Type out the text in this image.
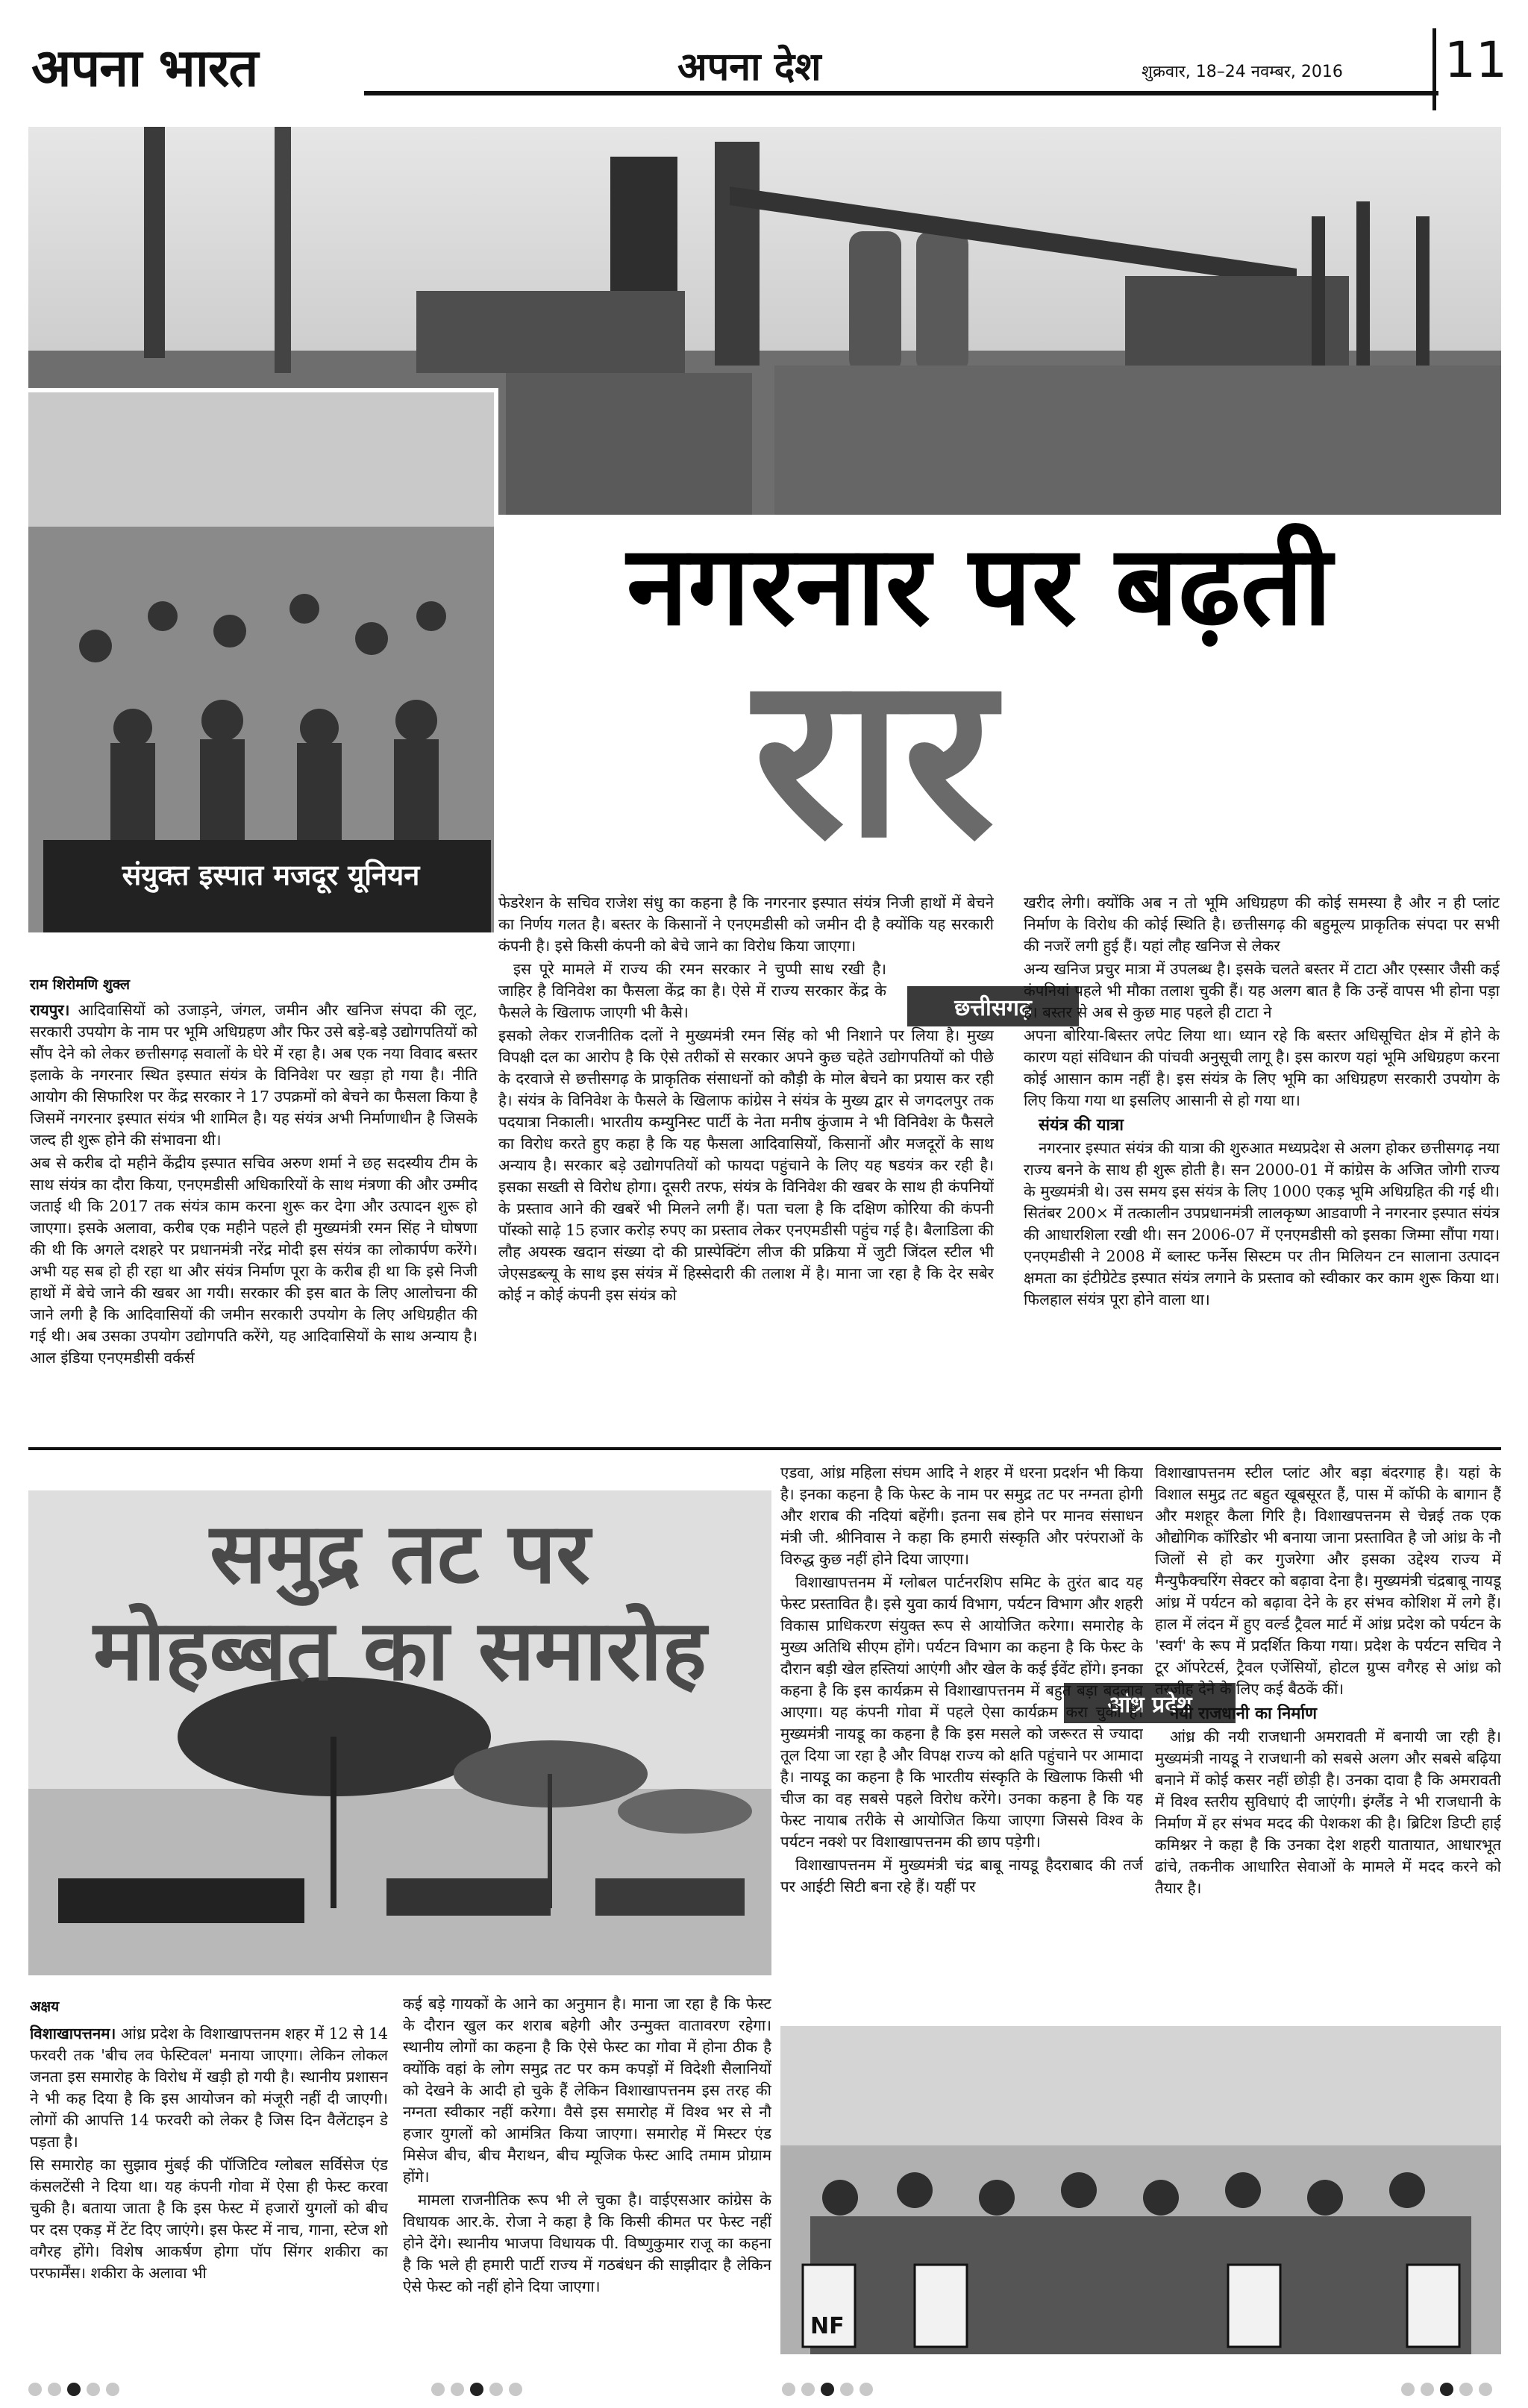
अपना भारत	अपना देश	शुक्रवार, 18–24 नवम्बर, 2016 11
संयुक्त इस्पात मजदूर यूनियन
नगरनार पर बढ़ती
रार
राम शिरोमणि शुक्ल
छत्तीसगढ़

रायपुर। आदिवासियों को उजाड़ने, जंगल, जमीन और खनिज संपदा की लूट, सरकारी उपयोग के नाम पर भूमि अधिग्रहण और फिर उसे बड़े-बड़े उद्योगपतियों को सौंप देने को लेकर छत्तीसगढ़ सवालों के घेरे में रहा है। अब एक नया विवाद बस्तर इलाके के नगरनार स्थित इस्पात संयंत्र के विनिवेश पर खड़ा हो गया है। नीति आयोग की सिफारिश पर केंद्र सरकार ने 17 उपक्रमों को बेचने का फैसला किया है जिसमें नगरनार इस्पात संयंत्र भी शामिल है। यह संयंत्र अभी निर्माणाधीन है जिसके जल्द ही शुरू होने की संभावना थी।

अब से करीब दो महीने केंद्रीय इस्पात सचिव अरुण शर्मा ने छह सदस्यीय टीम के साथ संयंत्र का दौरा किया, एनएमडीसी अधिकारियों के साथ मंत्रणा की और उम्मीद जताई थी कि 2017 तक संयंत्र काम करना शुरू कर देगा और उत्पादन शुरू हो जाएगा। इसके अलावा, करीब एक महीने पहले ही मुख्यमंत्री रमन सिंह ने घोषणा की थी कि अगले दशहरे पर प्रधानमंत्री नरेंद्र मोदी इस संयंत्र का लोकार्पण करेंगे। अभी यह सब हो ही रहा था और संयंत्र निर्माण पूरा के करीब ही था कि इसे निजी हाथों में बेचे जाने की खबर आ गयी। सरकार की इस बात के लिए आलोचना की जाने लगी है कि आदिवासियों की जमीन सरकारी उपयोग के लिए अधिग्रहीत की गई थी। अब उसका उपयोग उद्योगपति करेंगे, यह आदिवासियों के साथ अन्याय है। आल इंडिया एनएमडीसी वर्कर्स

फेडरेशन के सचिव राजेश संधु का कहना है कि नगरनार इस्पात संयंत्र निजी हाथों में बेचने का निर्णय गलत है। बस्तर के किसानों ने एनएमडीसी को जमीन दी है क्योंकि यह सरकारी कंपनी है। इसे किसी कंपनी को बेचे जाने का विरोध किया जाएगा।

इस पूरे मामले में राज्य की रमन सरकार ने चुप्पी साध रखी है। जाहिर है विनिवेश का फैसला केंद्र का है। ऐसे में राज्य सरकार केंद्र के फैसले के खिलाफ जाएगी भी कैसे।

इसको लेकर राजनीतिक दलों ने मुख्यमंत्री रमन सिंह को भी निशाने पर लिया है। मुख्य विपक्षी दल का आरोप है कि ऐसे तरीकों से सरकार अपने कुछ चहेते उद्योगपतियों को पीछे के दरवाजे से छत्तीसगढ़ के प्राकृतिक संसाधनों को कौड़ी के मोल बेचने का प्रयास कर रही है। संयंत्र के विनिवेश के फैसले के खिलाफ कांग्रेस ने संयंत्र के मुख्य द्वार से जगदलपुर तक पदयात्रा निकाली। भारतीय कम्युनिस्ट पार्टी के नेता मनीष कुंजाम ने भी विनिवेश के फैसले का विरोध करते हुए कहा है कि यह फैसला आदिवासियों, किसानों और मजदूरों के साथ अन्याय है। सरकार बड़े उद्योगपतियों को फायदा पहुंचाने के लिए यह षडयंत्र कर रही है। इसका सख्ती से विरोध होगा। दूसरी तरफ, संयंत्र के विनिवेश की खबर के साथ ही कंपनियों के प्रस्ताव आने की खबरें भी मिलने लगी हैं। पता चला है कि दक्षिण कोरिया की कंपनी पॉस्को साढ़े 15 हजार करोड़ रुपए का प्रस्ताव लेकर एनएमडीसी पहुंच गई है। बैलाडिला की लौह अयस्क खदान संख्या दो की प्रास्पेक्टिंग लीज की प्रक्रिया में जुटी जिंदल स्टील भी जेएसडब्ल्यू के साथ इस संयंत्र में हिस्सेदारी की तलाश में है। माना जा रहा है कि देर सबेर कोई न कोई कंपनी इस संयंत्र को

खरीद लेगी। क्योंकि अब न तो भूमि अधिग्रहण की कोई समस्या है और न ही प्लांट निर्माण के विरोध की कोई स्थिति है। छत्तीसगढ़ की बहुमूल्य प्राकृतिक संपदा पर सभी की नजरें लगी हुई हैं। यहां लौह खनिज से लेकर

अन्य खनिज प्रचुर मात्रा में उपलब्ध है। इसके चलते बस्तर में टाटा और एस्सार जैसी कई कंपनियां पहले भी मौका तलाश चुकी हैं। यह अलग बात है कि उन्हें वापस भी होना पड़ा है। बस्तर से अब से कुछ माह पहले ही टाटा ने

अपना बोरिया-बिस्तर लपेट लिया था। ध्यान रहे कि बस्तर अधिसूचित क्षेत्र में होने के कारण यहां संविधान की पांचवी अनुसूची लागू है। इस कारण यहां भूमि अधिग्रहण करना कोई आसान काम नहीं है। इस संयंत्र के लिए भूमि का अधिग्रहण सरकारी उपयोग के लिए किया गया था इसलिए आसानी से हो गया था।

संयंत्र की यात्रा

नगरनार इस्पात संयंत्र की यात्रा की शुरुआत मध्यप्रदेश से अलग होकर छत्तीसगढ़ नया राज्य बनने के साथ ही शुरू होती है। सन 2000-01 में कांग्रेस के अजित जोगी राज्य के मुख्यमंत्री थे। उस समय इस संयंत्र के लिए 1000 एकड़ भूमि अधिग्रहित की गई थी। सितंबर 200× में तत्कालीन उपप्रधानमंत्री लालकृष्ण आडवाणी ने नगरनार इस्पात संयंत्र की आधारशिला रखी थी। सन 2006-07 में एनएमडीसी को इसका जिम्मा सौंपा गया। एनएमडीसी ने 2008 में ब्लास्ट फर्नेस सिस्टम पर तीन मिलियन टन सालाना उत्पादन क्षमता का इंटीग्रेटेड इस्पात संयंत्र लगाने के प्रस्ताव को स्वीकार कर काम शुरू किया था। फिलहाल संयंत्र पूरा होने वाला था।

समुद्र तट पर
मोहब्बत का समारोह
अक्षय
आंध्र प्रदेश

विशाखापत्तनम। आंध्र प्रदेश के विशाखापत्तनम शहर में 12 से 14 फरवरी तक 'बीच लव फेस्टिवल' मनाया जाएगा। लेकिन लोकल जनता इस समारोह के विरोध में खड़ी हो गयी है। स्थानीय प्रशासन ने भी कह दिया है कि इस आयोजन को मंजूरी नहीं दी जाएगी। लोगों की आपत्ति 14 फरवरी को लेकर है जिस दिन वैलेंटाइन डे पड़ता है।

सि समारोह का सुझाव मुंबई की पॉजिटिव ग्लोबल सर्विसेज एंड कंसलटेंसी ने दिया था। यह कंपनी गोवा में ऐसा ही फेस्ट करवा चुकी है। बताया जाता है कि इस फेस्ट में हजारों युगलों को बीच पर दस एकड़ में टेंट दिए जाएंगे। इस फेस्ट में नाच, गाना, स्टेज शो वगैरह होंगे। विशेष आकर्षण होगा पॉप सिंगर शकीरा का परफार्मेंस। शकीरा के अलावा भी

कई बड़े गायकों के आने का अनुमान है। माना जा रहा है कि फेस्ट के दौरान खुल कर शराब बहेगी और उन्मुक्त वातावरण रहेगा। स्थानीय लोगों का कहना है कि ऐसे फेस्ट का गोवा में होना ठीक है क्योंकि वहां के लोग समुद्र तट पर कम कपड़ों में विदेशी सैलानियों को देखने के आदी हो चुके हैं लेकिन विशाखापत्तनम इस तरह की नग्नता स्वीकार नहीं करेगा। वैसे इस समारोह में विश्व भर से नौ हजार युगलों को आमंत्रित किया जाएगा। समारोह में मिस्टर एंड मिसेज बीच, बीच मैराथन, बीच म्यूजिक फेस्ट आदि तमाम प्रोग्राम होंगे।

मामला राजनीतिक रूप भी ले चुका है। वाईएसआर कांग्रेस के विधायक आर.के. रोजा ने कहा है कि किसी कीमत पर फेस्ट नहीं होने देंगे। स्थानीय भाजपा विधायक पी. विष्णुकुमार राजू का कहना है कि भले ही हमारी पार्टी राज्य में गठबंधन की साझीदार है लेकिन ऐसे फेस्ट को नहीं होने दिया जाएगा।

एडवा, आंध्र महिला संघम आदि ने शहर में धरना प्रदर्शन भी किया है। इनका कहना है कि फेस्ट के नाम पर समुद्र तट पर नग्नता होगी और शराब की नदियां बहेंगी। इतना सब होने पर मानव संसाधन मंत्री जी. श्रीनिवास ने कहा कि हमारी संस्कृति और परंपराओं के विरुद्ध कुछ नहीं होने दिया जाएगा।

विशाखापत्तनम में ग्लोबल पार्टनरशिप समिट के तुरंत बाद यह फेस्ट प्रस्तावित है। इसे युवा कार्य विभाग, पर्यटन विभाग और शहरी विकास प्राधिकरण संयुक्त रूप से आयोजित करेगा। समारोह के मुख्य अतिथि सीएम होंगे। पर्यटन विभाग का कहना है कि फेस्ट के दौरान बड़ी खेल हस्तियां आएंगी और खेल के कई ईवेंट होंगे। इनका कहना है कि इस कार्यक्रम से विशाखापत्तनम में बहुत बड़ा बदलाव आएगा। यह कंपनी गोवा में पहले ऐसा कार्यक्रम करा चुकी है। मुख्यमंत्री नायडू का कहना है कि इस मसले को जरूरत से ज्यादा तूल दिया जा रहा है और विपक्ष राज्य को क्षति पहुंचाने पर आमादा है। नायडू का कहना है कि भारतीय संस्कृति के खिलाफ किसी भी चीज का वह सबसे पहले विरोध करेंगे। उनका कहना है कि यह फेस्ट नायाब तरीके से आयोजित किया जाएगा जिससे विश्व के पर्यटन नक्शे पर विशाखापत्तनम की छाप पड़ेगी।

विशाखापत्तनम में मुख्यमंत्री चंद्र बाबू नायडू हैदराबाद की तर्ज पर आईटी सिटी बना रहे हैं। यहीं पर

विशाखापत्तनम स्टील प्लांट और बड़ा बंदरगाह है। यहां के विशाल समुद्र तट बहुत खूबसूरत हैं, पास में कॉफी के बागान हैं और मशहूर कैला गिरि है। विशाखपत्तनम से चेन्नई तक एक औद्योगिक कॉरिडोर भी बनाया जाना प्रस्तावित है जो आंध्र के नौ जिलों से हो कर गुजरेगा और इसका उद्देश्य राज्य में मैन्युफैक्चरिंग सेक्टर को बढ़ावा देना है। मुख्यमंत्री चंद्रबाबू नायडू आंध्र में पर्यटन को बढ़ावा देने के हर संभव कोशिश में लगे हैं। हाल में लंदन में हुए वर्ल्ड ट्रैवल मार्ट में आंध्र प्रदेश को पर्यटन के 'स्वर्ग' के रूप में प्रदर्शित किया गया। प्रदेश के पर्यटन सचिव ने टूर ऑपरेटर्स, ट्रैवल एजेंसियों, होटल ग्रुप्स वगैरह से आंध्र को तरजीह देने के लिए कई बैठकें कीं।

नयी राजधानी का निर्माण

आंध्र की नयी राजधानी अमरावती में बनायी जा रही है। मुख्यमंत्री नायडू ने राजधानी को सबसे अलग और सबसे बढ़िया बनाने में कोई कसर नहीं छोड़ी है। उनका दावा है कि अमरावती में विश्व स्तरीय सुविधाएं दी जाएंगी। इंग्लैंड ने भी राजधानी के निर्माण में हर संभव मदद की पेशकश की है। ब्रिटिश डिप्टी हाई कमिश्नर ने कहा है कि उनका देश शहरी यातायात, आधारभूत ढांचे, तकनीक आधारित सेवाओं के मामले में मदद करने को तैयार है।

NF
